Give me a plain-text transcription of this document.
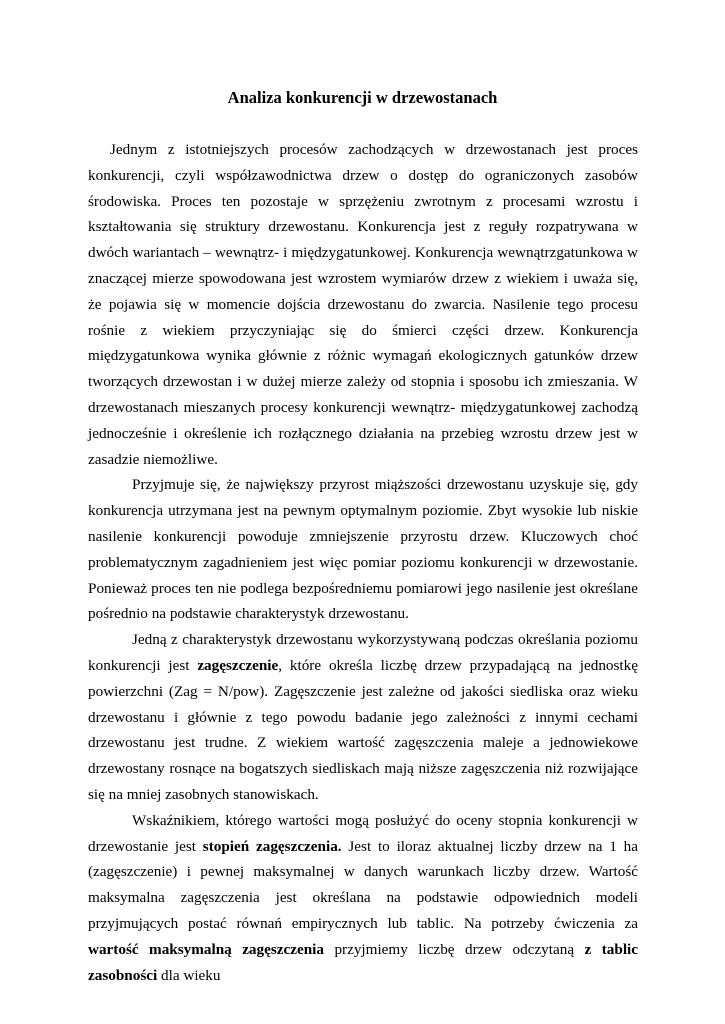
Analiza konkurencji w drzewostanach

Jednym z istotniejszych procesów zachodzących w drzewostanach jest proces konkurencji, czyli współzawodnictwa drzew o dostęp do ograniczonych zasobów środowiska. Proces ten pozostaje w sprzężeniu zwrotnym z procesami wzrostu i kształtowania się struktury drzewostanu. Konkurencja jest z reguły rozpatrywana w dwóch wariantach – wewnątrz- i międzygatunkowej. Konkurencja wewnątrzgatunkowa w znaczącej mierze spowodowana jest wzrostem wymiarów drzew z wiekiem i uważa się, że pojawia się w momencie dojścia drzewostanu do zwarcia. Nasilenie tego procesu rośnie z wiekiem przyczyniając się do śmierci części drzew. Konkurencja międzygatunkowa wynika głównie z różnic wymagań ekologicznych gatunków drzew tworzących drzewostan i w dużej mierze zależy od stopnia i sposobu ich zmieszania. W drzewostanach mieszanych procesy konkurencji wewnątrz- międzygatunkowej zachodzą jednocześnie i określenie ich rozłącznego działania na przebieg wzrostu drzew jest w zasadzie niemożliwe.

Przyjmuje się, że największy przyrost miąższości drzewostanu uzyskuje się, gdy konkurencja utrzymana jest na pewnym optymalnym poziomie. Zbyt wysokie lub niskie nasilenie konkurencji powoduje zmniejszenie przyrostu drzew. Kluczowych choć problematycznym zagadnieniem jest więc pomiar poziomu konkurencji w drzewostanie. Ponieważ proces ten nie podlega bezpośredniemu pomiarowi jego nasilenie jest określane pośrednio na podstawie charakterystyk drzewostanu.

Jedną z charakterystyk drzewostanu wykorzystywaną podczas określania poziomu konkurencji jest zagęszczenie, które określa liczbę drzew przypadającą na jednostkę powierzchni (Zag = N/pow). Zagęszczenie jest zależne od jakości siedliska oraz wieku drzewostanu i głównie z tego powodu badanie jego zależności z innymi cechami drzewostanu jest trudne. Z wiekiem wartość zagęszczenia maleje a jednowiekowe drzewostany rosnące na bogatszych siedliskach mają niższe zagęszczenia niż rozwijające się na mniej zasobnych stanowiskach.

Wskaźnikiem, którego wartości mogą posłużyć do oceny stopnia konkurencji w drzewostanie jest stopień zagęszczenia. Jest to iloraz aktualnej liczby drzew na 1 ha (zagęszczenie) i pewnej maksymalnej w danych warunkach liczby drzew. Wartość maksymalna zagęszczenia jest określana na podstawie odpowiednich modeli przyjmujących postać równań empirycznych lub tablic. Na potrzeby ćwiczenia za wartość maksymalną zagęszczenia przyjmiemy liczbę drzew odczytaną z tablic zasobności dla wieku
